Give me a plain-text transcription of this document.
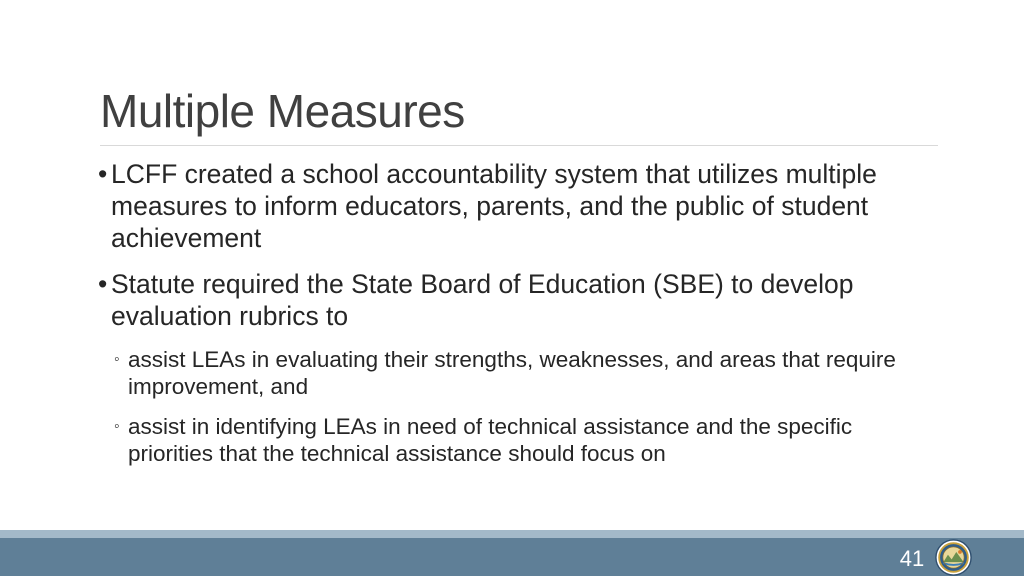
Multiple Measures
• LCFF created a school accountability system that utilizes multiple measures to inform educators, parents, and the public of student achievement
• Statute required the State Board of Education (SBE) to develop evaluation rubrics to
◦ assist LEAs in evaluating their strengths, weaknesses, and areas that require improvement, and
◦ assist in identifying LEAs in need of technical assistance and the specific priorities that the technical assistance should focus on
41
